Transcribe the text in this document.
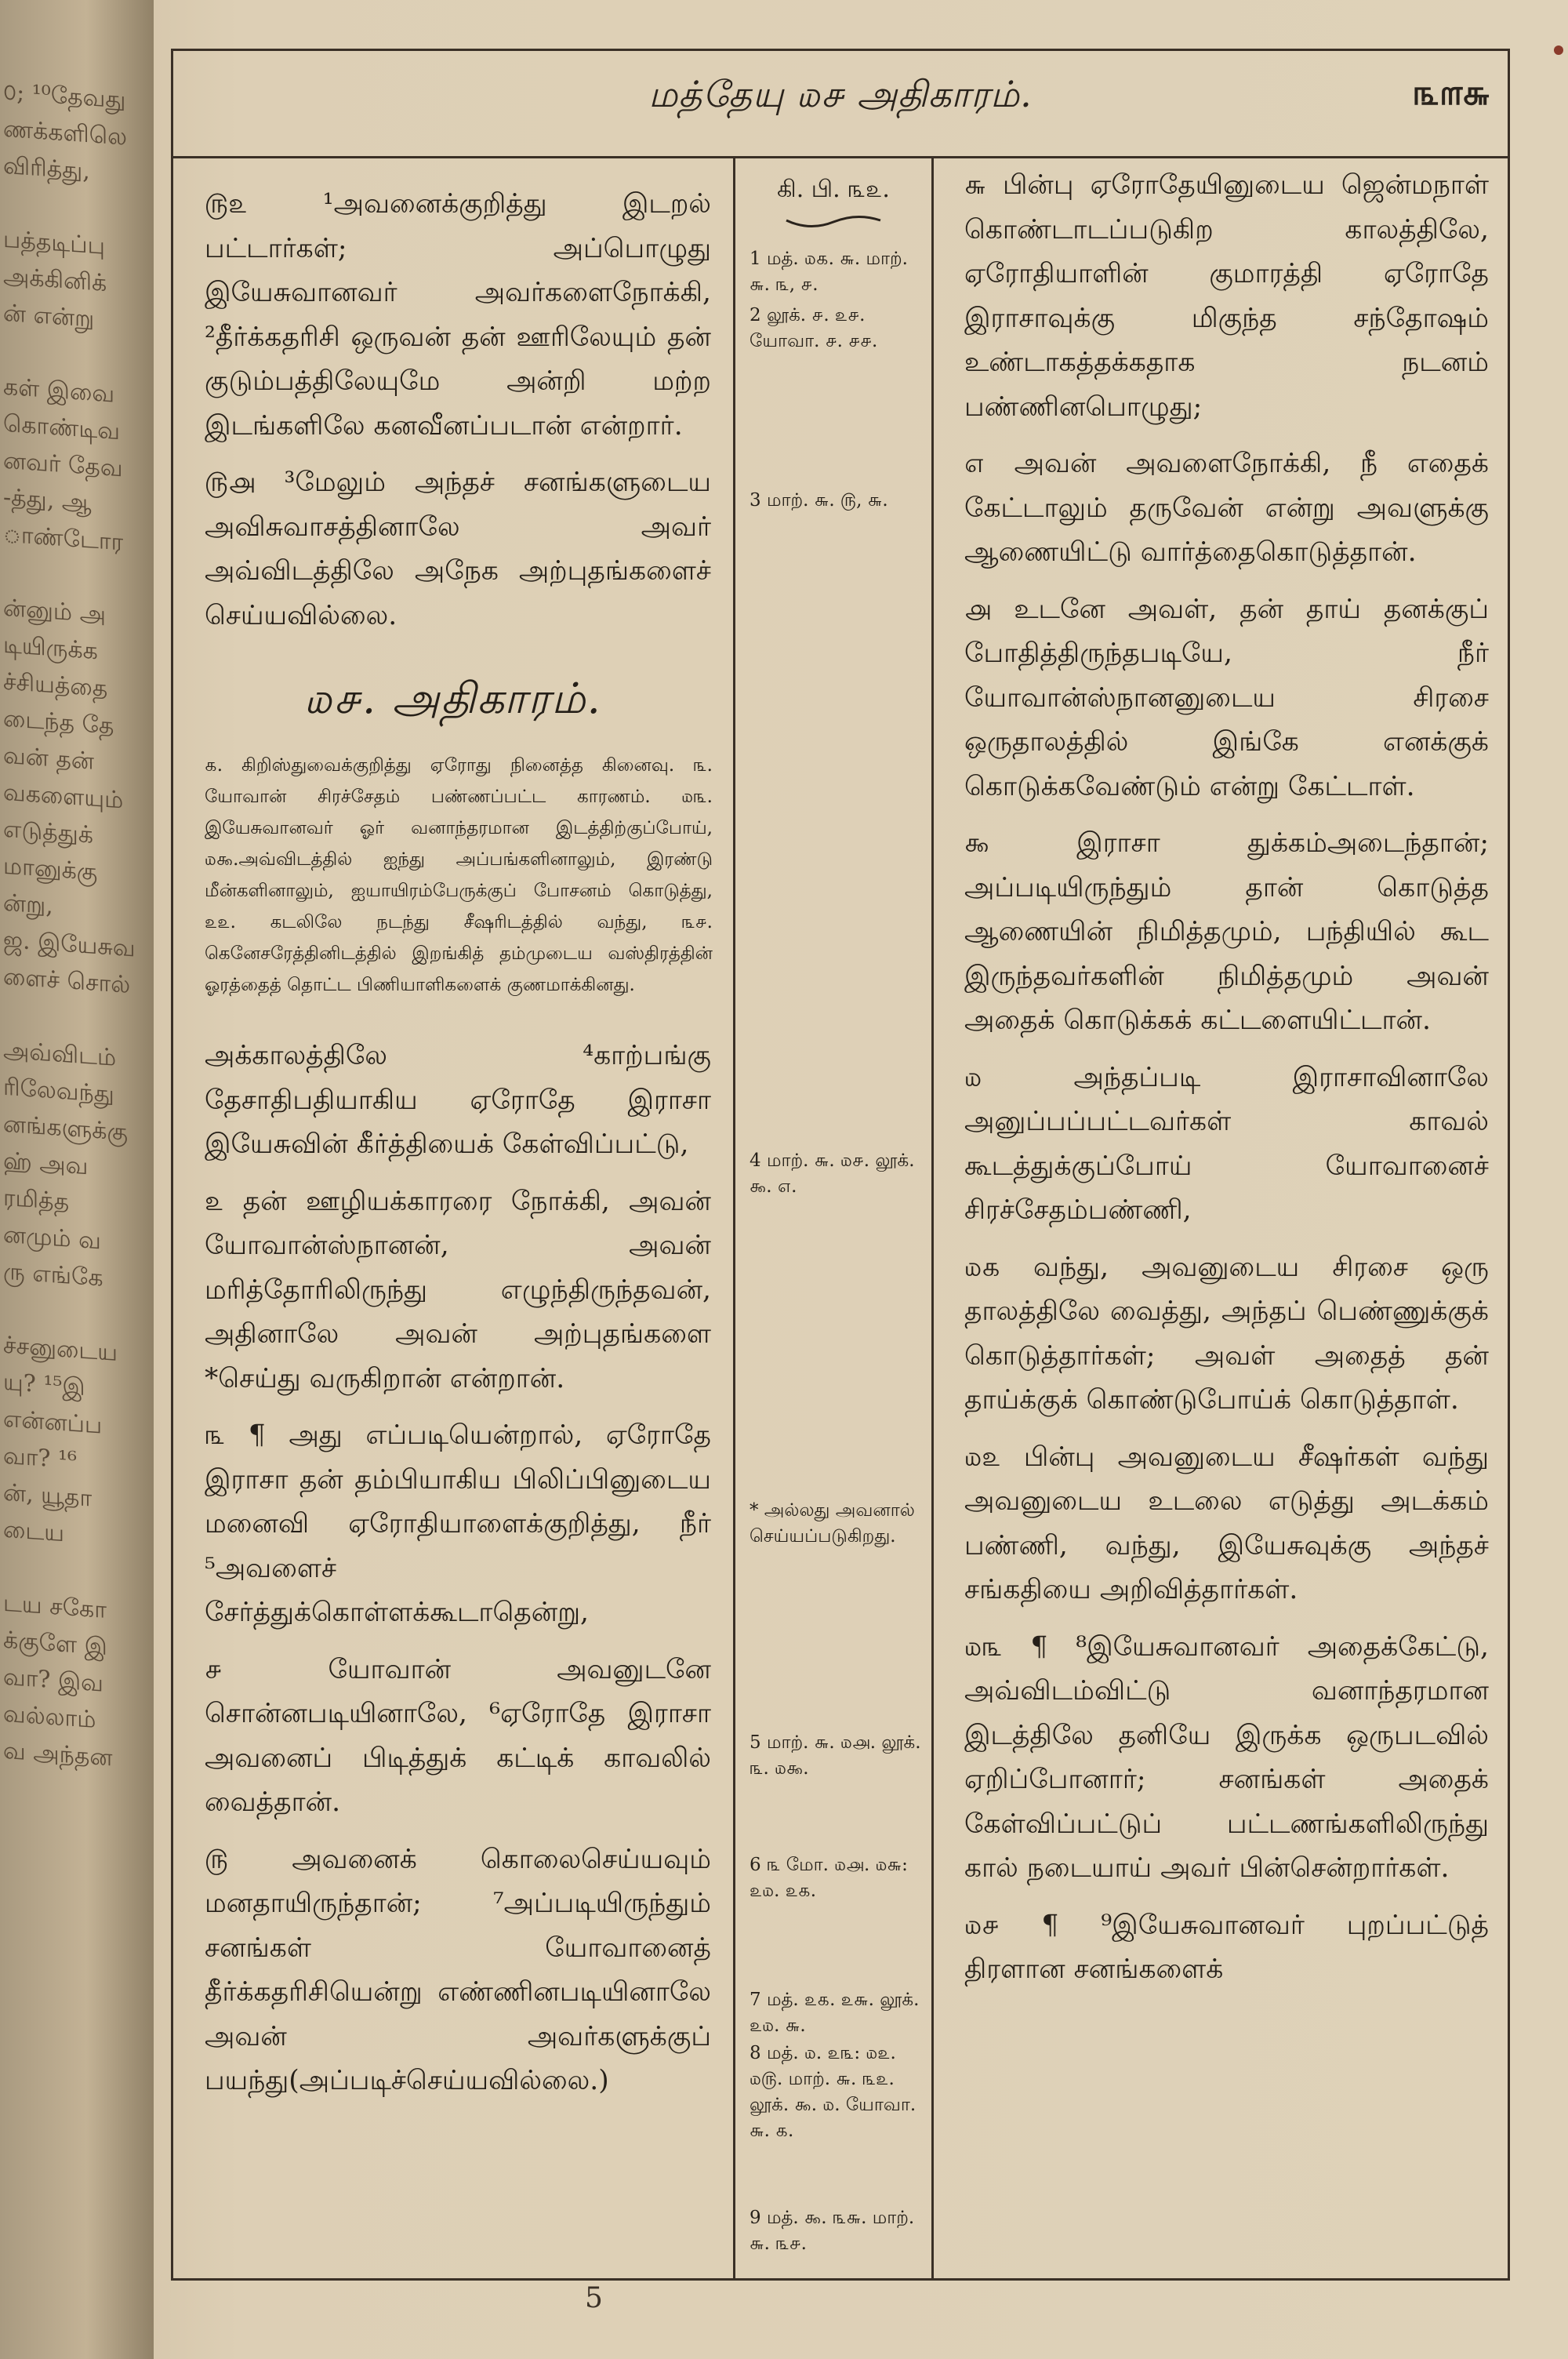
௦; ¹⁰தேவது
ணக்களிலெ
விரித்து,
பத்தடிப்பு
அக்கினிக்
ன் என்று
கள் இவை
கொண்டிவ
னவர் தேவ
-த்து, ஆ
ாண்டோர
ன்னும் அ
டியிருக்க
ச்சியத்தை
டைந்த தே
வன் தன்
வகளையும்
எடுத்துக்
மானுக்கு
ன்று,
ஜ. இயேசுவ
ளைச் சொல்
அவ்விடம்
ரிலேவந்து
னங்களுக்கு
ஹ் அவ
ரமித்த
னமும் வ
ரு எங்கே
ச்சனுடைய
யு? ¹⁵இ
என்னப்ப
வா? ¹⁶
ன், யூதா
டைய
டய சகோ
க்குளே இ
வா? இவ
வல்லாம்
வ அந்தன
மத்தேயு ௰௪ அதிகாரம்.	௩௱௬

௫௨ ¹அவனைக்குறித்து இடறல் பட்டார்கள்; அப்பொழுது இயேசுவானவர் அவர்களைநோக்கி, ²தீர்க்கதரிசி ஒருவன் தன் ஊரிலேயும் தன் குடும்பத்திலேயுமே அன்றி மற்ற இடங்களிலே கனவீனப்படான் என்றார்.

௫௮ ³மேலும் அந்தச் சனங்களுடைய அவிசுவாசத்தினாலே அவர் அவ்விடத்திலே அநேக அற்புதங்களைச் செய்யவில்லை.

௰௪. அதிகாரம்.
௧. கிறிஸ்துவைக்குறித்து ஏரோது நினைத்த கினைவு. ௩. யோவான் சிரச்சேதம் பண்ணப்பட்ட காரணம். ௰௩. இயேசுவானவர் ஓர் வனாந்தரமான இடத்திற்குப்போய், ௰௯.அவ்விடத்தில் ஐந்து அப்பங்களினாலும், இரண்டு மீன்களினாலும், ஐயாயிரம்பேருக்குப் போசனம் கொடுத்து, ௨௨. கடலிலே நடந்து சீஷரிடத்தில் வந்து, ௩௪. கெனேசரேத்தினிடத்தில் இறங்கித் தம்முடைய வஸ்திரத்தின் ஓரத்தைத் தொட்ட பிணியாளிகளைக் குணமாக்கினது.

அக்காலத்திலே ⁴காற்பங்கு தேசாதிபதியாகிய ஏரோதே இராசா இயேசுவின் கீர்த்தியைக் கேள்விப்பட்டு,

௨ தன் ஊழியக்காரரை நோக்கி, அவன் யோவான்ஸ்நானன், அவன் மரித்தோரிலிருந்து எழுந்திருந்தவன், அதினாலே அவன் அற்புதங்களை *செய்து வருகிறான் என்றான்.

௩ ¶ அது எப்படியென்றால், ஏரோதே இராசா தன் தம்பியாகிய பிலிப்பினுடைய மனைவி ஏரோதியாளைக்குறித்து, நீர் ⁵அவளைச் சேர்த்துக்கொள்ளக்கூடாதென்று,

௪ யோவான் அவனுடனே சொன்னபடியினாலே, ⁶ஏரோதே இராசா அவனைப் பிடித்துக் கட்டிக் காவலில் வைத்தான்.

௫ அவனைக் கொலைசெய்யவும் மனதாயிருந்தான்; ⁷அப்படியிருந்தும் சனங்கள் யோவானைத் தீர்க்கதரிசியென்று எண்ணினபடியினாலே அவன் அவர்களுக்குப் பயந்து(அப்படிச்செய்யவில்லை.)

கி. பி. ௩௨.
1 மத். ௰௧. ௬. மாற். ௬. ௩, ௪.
2 லூக். ௪. ௨௪. யோவா. ௪. ௪௪.
3 மாற். ௬. ௫, ௬.
4 மாற். ௬. ௰௪. லூக். ௯. ௭.
* அல்லது அவனால் செய்யப்படுகிறது.
5 மாற். ௬. ௰௮. லூக். ௩. ௰௯.
6 ௩ மோ. ௰௮. ௰௬: ௨௰. ௨௧.
7 மத். ௨௧. ௨௬. லூக். ௨௰. ௬.
8 மத். ௰. ௨௩: ௰௨. ௰௫. மாற். ௬. ௩௨. லூக். ௯. ௰. யோவா. ௬. ௧.
9 மத். ௯. ௩௬. மாற். ௬. ௩௪.

௬ பின்பு ஏரோதேயினுடைய ஜென்மநாள் கொண்டாடப்படுகிற காலத்திலே, ஏரோதியாளின் குமாரத்தி ஏரோதே இராசாவுக்கு மிகுந்த சந்தோஷம் உண்டாகத்தக்கதாக நடனம் பண்ணினபொழுது;

௭ அவன் அவளைநோக்கி, நீ எதைக் கேட்டாலும் தருவேன் என்று அவளுக்கு ஆணையிட்டு வார்த்தைகொடுத்தான்.

௮ உடனே அவள், தன் தாய் தனக்குப் போதித்திருந்தபடியே, நீர் யோவான்ஸ்நானனுடைய சிரசை ஒருதாலத்தில் இங்கே எனக்குக் கொடுக்கவேண்டும் என்று கேட்டாள்.

௯ இராசா துக்கம்அடைந்தான்; அப்படியிருந்தும் தான் கொடுத்த ஆணையின் நிமித்தமும், பந்தியில் கூட இருந்தவர்களின் நிமித்தமும் அவன் அதைக் கொடுக்கக் கட்டளையிட்டான்.

௰ அந்தப்படி இராசாவினாலே அனுப்பப்பட்டவர்கள் காவல் கூடத்துக்குப்போய் யோவானைச் சிரச்சேதம்பண்ணி,

௰௧ வந்து, அவனுடைய சிரசை ஒரு தாலத்திலே வைத்து, அந்தப் பெண்ணுக்குக் கொடுத்தார்கள்; அவள் அதைத் தன் தாய்க்குக் கொண்டுபோய்க் கொடுத்தாள்.

௰௨ பின்பு அவனுடைய சீஷர்கள் வந்து அவனுடைய உடலை எடுத்து அடக்கம் பண்ணி, வந்து, இயேசுவுக்கு அந்தச் சங்கதியை அறிவித்தார்கள்.

௰௩ ¶ ⁸இயேசுவானவர் அதைக்கேட்டு, அவ்விடம்விட்டு வனாந்தரமான இடத்திலே தனியே இருக்க ஒருபடவில் ஏறிப்போனார்; சனங்கள் அதைக் கேள்விப்பட்டுப் பட்டணங்களிலிருந்து கால் நடையாய் அவர் பின்சென்றார்கள்.

௰௪ ¶ ⁹இயேசுவானவர் புறப்பட்டுத் திரளான சனங்களைக்

5
